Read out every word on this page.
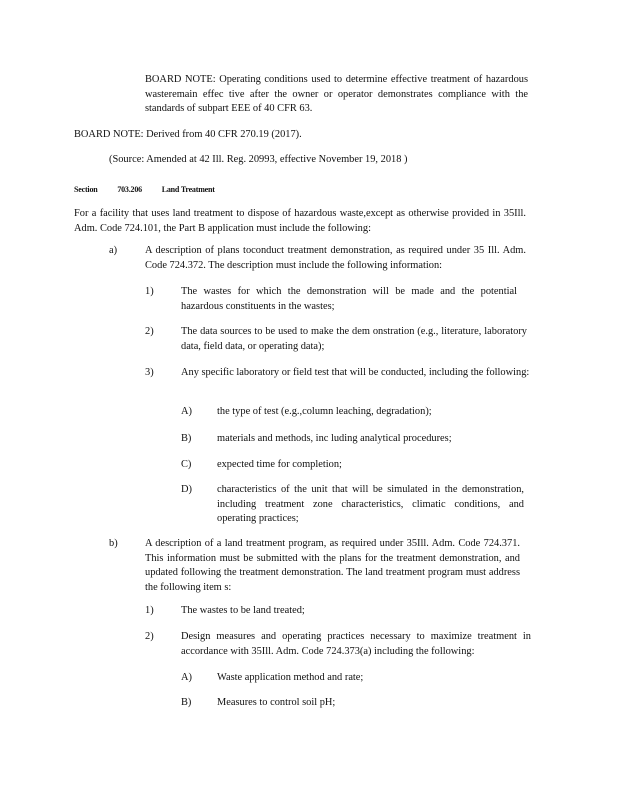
BOARD NOTE: Operating conditions used to determine effective treatment of hazardous wasteremain effec tive after the owner or operator demonstrates compliance with the standards of subpart EEE of 40 CFR 63.

BOARD NOTE: Derived from 40 CFR 270.19 (2017).

(Source: Amended at 42 Ill. Reg. 20993, effective November 19, 2018 )

Section 703.206 Land Treatment

For a facility that uses land treatment to dispose of hazardous waste,except as otherwise provided in 35Ill. Adm. Code 724.101, the Part B application must include the following:

a)	A description of plans toconduct treatment demonstration, as required under 35 Ill. Adm. Code 724.372. The description must include the following information:

1)	The wastes for which the demonstration will be made and the potential hazardous constituents in the wastes;

2)	The data sources to be used to make the dem onstration (e.g., literature, laboratory data, field data, or operating data);

3)	Any specific laboratory or field test that will be conducted, including the following:

A) the type of test (e.g.,column leaching, degradation);

B) materials and methods, inc luding analytical procedures;

C) expected time for completion;

D) characteristics of the unit that will be simulated in the demonstration, including treatment zone characteristics, climatic conditions, and operating practices;

b)	A description of a land treatment program, as required under 35Ill. Adm. Code 724.371. This information must be submitted with the plans for the treatment demonstration, and updated following the treatment demonstration. The land treatment program must address the following item s:

1)	The wastes to be land treated;

2)	Design measures and operating practices necessary to maximize treatment in accordance with 35Ill. Adm. Code 724.373(a) including the following:

A) Waste application method and rate;

B) Measures to control soil pH;
